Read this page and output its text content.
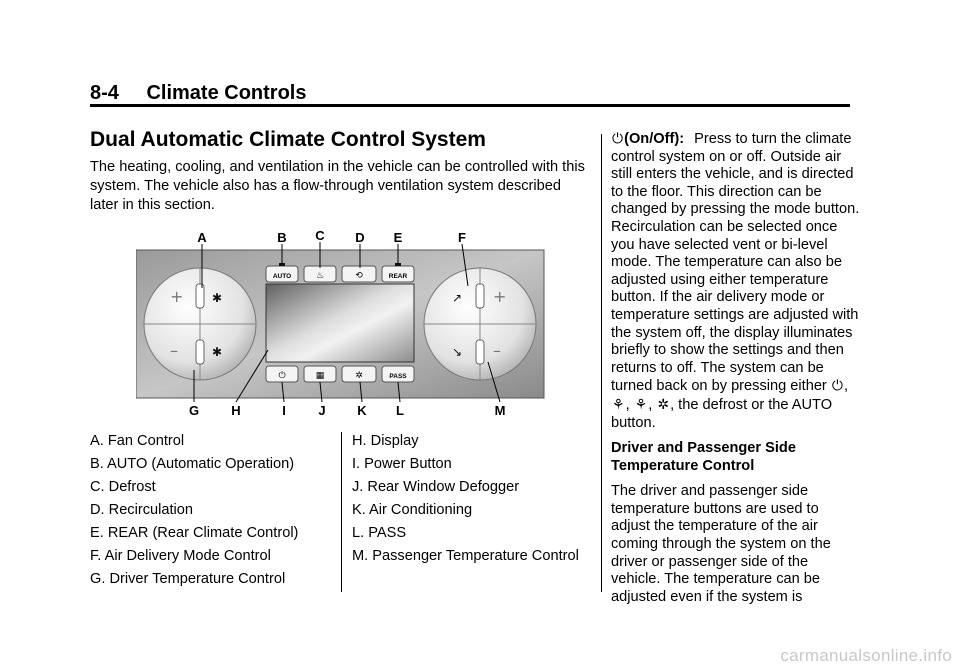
8-4 Climate Controls
Dual Automatic Climate Control System
The heating, cooling, and ventilation in the vehicle can be controlled with this system. The vehicle also has a flow-through ventilation system described later in this section.
+
–
✱
✱
+
–
↗
↘
AUTO	♨	⟲	REAR
⏻	▦	✲	PASS
A	B C D E	F
G H	I	J K L	M
A. Fan Control
B. AUTO (Automatic Operation)
C. Defrost
D. Recirculation
E. REAR (Rear Climate Control)
F. Air Delivery Mode Control
G. Driver Temperature Control
H. Display
I. Power Button
J. Rear Window Defogger
K. Air Conditioning
L. PASS
M. Passenger Temperature Control

⏻(On/Off): Press to turn the climate control system on or off. Outside air still enters the vehicle, and is directed to the floor. This direction can be changed by pressing the mode button. Recirculation can be selected once you have selected vent or bi-level mode. The temperature can also be adjusted using either temperature button. If the air delivery mode or temperature settings are adjusted with the system off, the display illuminates briefly to show the settings and then returns to off. The system can be turned back on by pressing either ⏻, ⚘, ⚘, ✲, the defrost or the AUTO button.

Driver and Passenger Side Temperature Control

The driver and passenger side temperature buttons are used to adjust the temperature of the air coming through the system on the driver or passenger side of the vehicle. The temperature can be adjusted even if the system is

carmanualsonline.info
